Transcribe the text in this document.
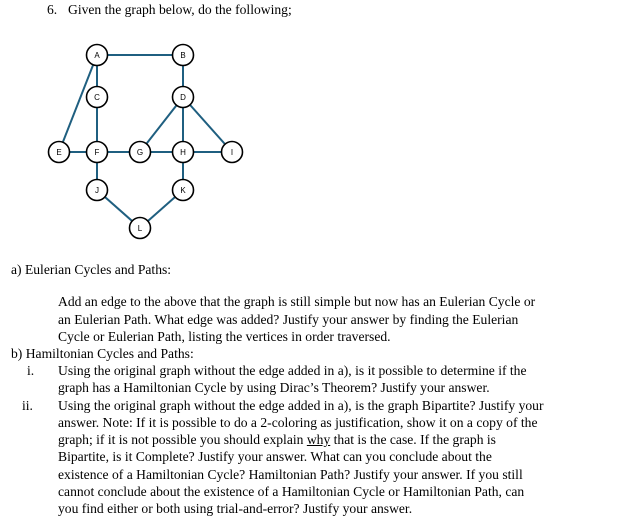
6. Given the graph below, do the following;
A	B
C	D
E	F	G	H	I
J	K
L
a) Eulerian Cycles and Paths:
Add an edge to the above that the graph is still simple but now has an Eulerian Cycle or
an Eulerian Path. What edge was added? Justify your answer by finding the Eulerian
Cycle or Eulerian Path, listing the vertices in order traversed.
b) Hamiltonian Cycles and Paths:
i. Using the original graph without the edge added in a), is it possible to determine if the
graph has a Hamiltonian Cycle by using Dirac’s Theorem? Justify your answer.
ii. Using the original graph without the edge added in a), is the graph Bipartite? Justify your
answer. Note: If it is possible to do a 2-coloring as justification, show it on a copy of the
graph; if it is not possible you should explain why that is the case. If the graph is
Bipartite, is it Complete? Justify your answer. What can you conclude about the
existence of a Hamiltonian Cycle? Hamiltonian Path? Justify your answer. If you still
cannot conclude about the existence of a Hamiltonian Cycle or Hamiltonian Path, can
you find either or both using trial-and-error? Justify your answer.
